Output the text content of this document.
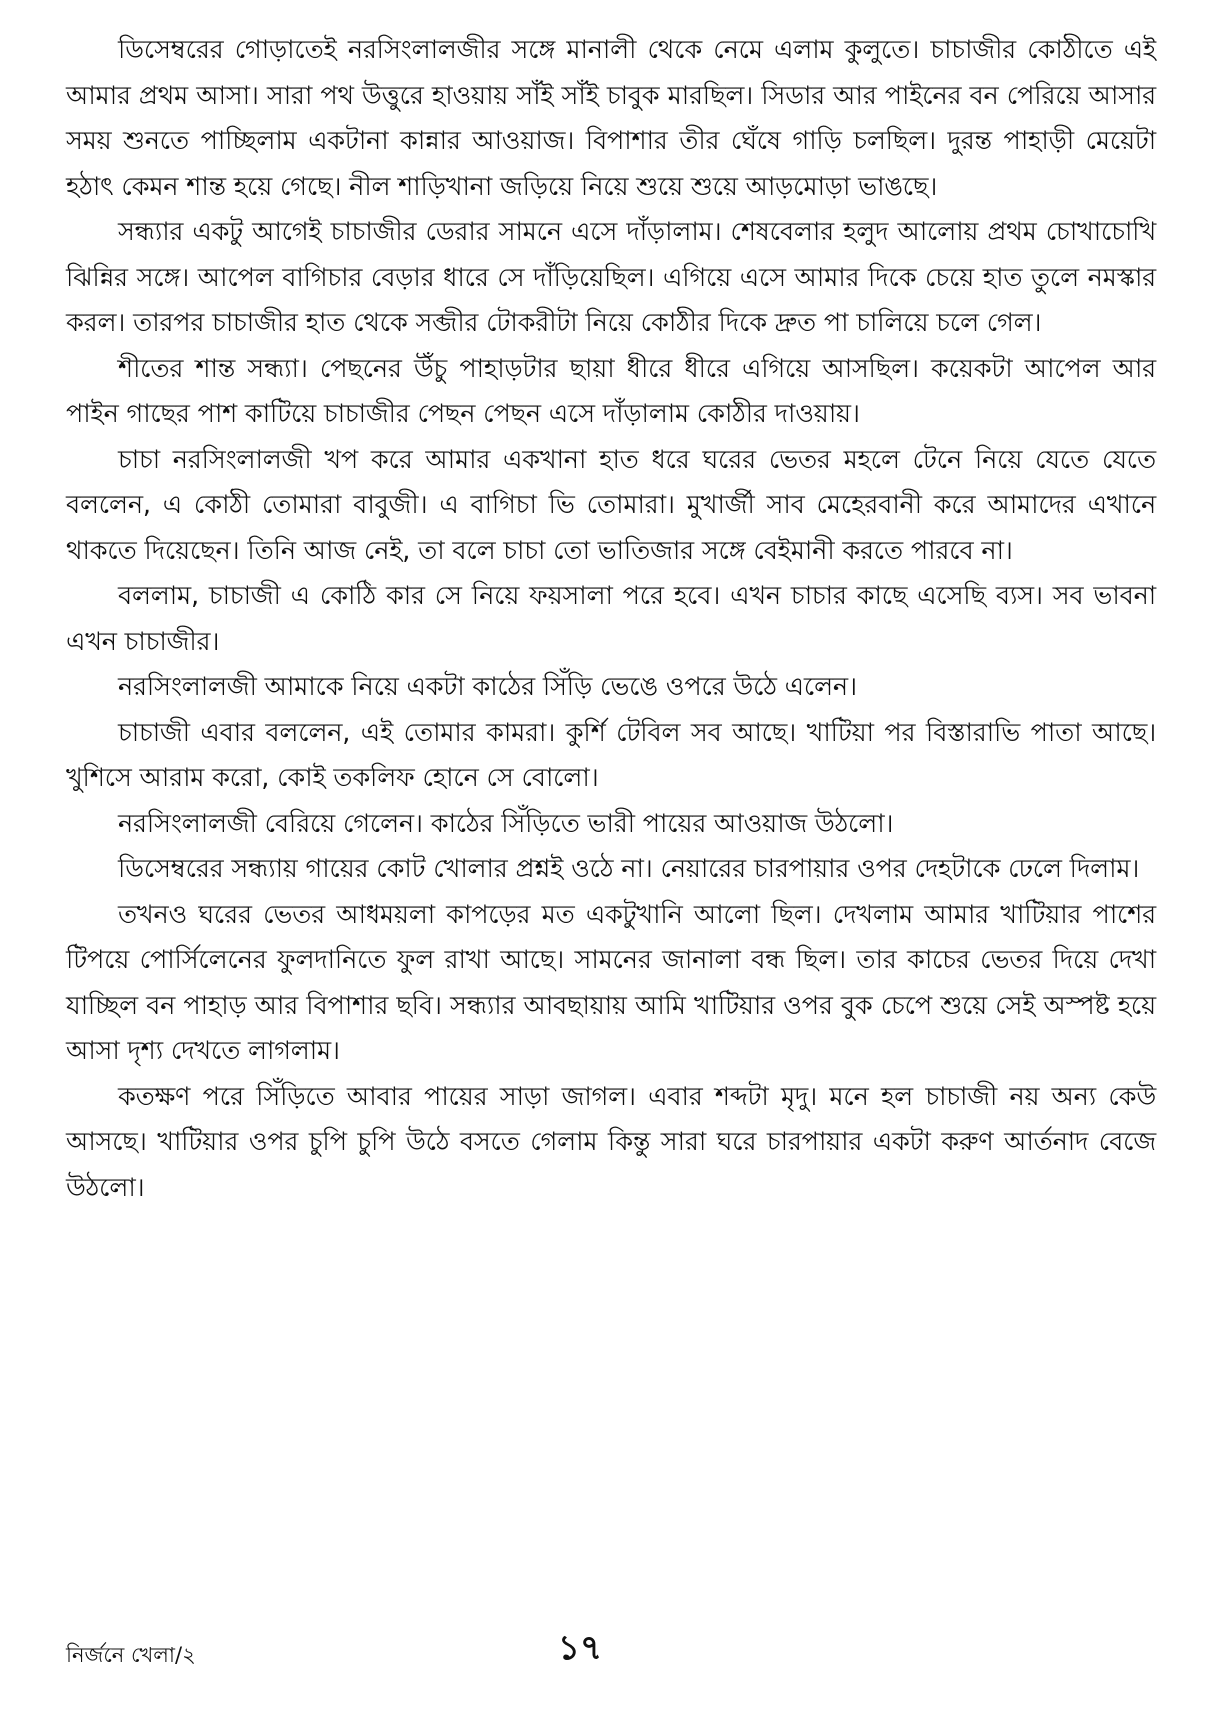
ডিসেম্বরের গোড়াতেই নরসিংলালজীর সঙ্গে মানালী থেকে নেমে এলাম কুলুতে। চাচাজীর কোঠীতে এই আমার প্রথম আসা। সারা পথ উত্তুরে হাওয়ায় সাঁই সাঁই চাবুক মারছিল। সিডার আর পাইনের বন পেরিয়ে আসার সময় শুনতে পাচ্ছিলাম একটানা কান্নার আওয়াজ। বিপাশার তীর ঘেঁষে গাড়ি চলছিল। দুরন্ত পাহাড়ী মেয়েটা হঠাৎ কেমন শান্ত হয়ে গেছে। নীল শাড়িখানা জড়িয়ে নিয়ে শুয়ে শুয়ে আড়মোড়া ভাঙছে।

সন্ধ্যার একটু আগেই চাচাজীর ডেরার সামনে এসে দাঁড়ালাম। শেষবেলার হলুদ আলোয় প্রথম চোখাচোখি ঝিন্নির সঙ্গে। আপেল বাগিচার বেড়ার ধারে সে দাঁড়িয়েছিল। এগিয়ে এসে আমার দিকে চেয়ে হাত তুলে নমস্কার করল। তারপর চাচাজীর হাত থেকে সব্জীর টোকরীটা নিয়ে কোঠীর দিকে দ্রুত পা চালিয়ে চলে গেল।

শীতের শান্ত সন্ধ্যা। পেছনের উঁচু পাহাড়টার ছায়া ধীরে ধীরে এগিয়ে আসছিল। কয়েকটা আপেল আর পাইন গাছের পাশ কাটিয়ে চাচাজীর পেছন পেছন এসে দাঁড়ালাম কোঠীর দাওয়ায়।

চাচা নরসিংলালজী খপ করে আমার একখানা হাত ধরে ঘরের ভেতর মহলে টেনে নিয়ে যেতে যেতে বললেন, এ কোঠী তোমারা বাবুজী। এ বাগিচা ভি তোমারা। মুখার্জী সাব মেহেরবানী করে আমাদের এখানে থাকতে দিয়েছেন। তিনি আজ নেই, তা বলে চাচা তো ভাতিজার সঙ্গে বেইমানী করতে পারবে না।

বললাম, চাচাজী এ কোঠি কার সে নিয়ে ফয়সালা পরে হবে। এখন চাচার কাছে এসেছি ব্যস। সব ভাবনা এখন চাচাজীর।

নরসিংলালজী আমাকে নিয়ে একটা কাঠের সিঁড়ি ভেঙে ওপরে উঠে এলেন।

চাচাজী এবার বললেন, এই তোমার কামরা। কুর্শি টেবিল সব আছে। খাটিয়া পর বিস্তারাভি পাতা আছে। খুশিসে আরাম করো, কোই তকলিফ হোনে সে বোলো।

নরসিংলালজী বেরিয়ে গেলেন। কাঠের সিঁড়িতে ভারী পায়ের আওয়াজ উঠলো।

ডিসেম্বরের সন্ধ্যায় গায়ের কোট খোলার প্রশ্নই ওঠে না। নেয়ারের চারপায়ার ওপর দেহটাকে ঢেলে দিলাম।

তখনও ঘরের ভেতর আধময়লা কাপড়ের মত একটুখানি আলো ছিল। দেখলাম আমার খাটিয়ার পাশের টিপয়ে পোর্সিলেনের ফুলদানিতে ফুল রাখা আছে। সামনের জানালা বন্ধ ছিল। তার কাচের ভেতর দিয়ে দেখা যাচ্ছিল বন পাহাড় আর বিপাশার ছবি। সন্ধ্যার আবছায়ায় আমি খাটিয়ার ওপর বুক চেপে শুয়ে সেই অস্পষ্ট হয়ে আসা দৃশ্য দেখতে লাগলাম।

কতক্ষণ পরে সিঁড়িতে আবার পায়ের সাড়া জাগল। এবার শব্দটা মৃদু। মনে হল চাচাজী নয় অন্য কেউ আসছে। খাটিয়ার ওপর চুপি চুপি উঠে বসতে গেলাম কিন্তু সারা ঘরে চারপায়ার একটা করুণ আর্তনাদ বেজে উঠলো।

নির্জনে খেলা/২	১৭
